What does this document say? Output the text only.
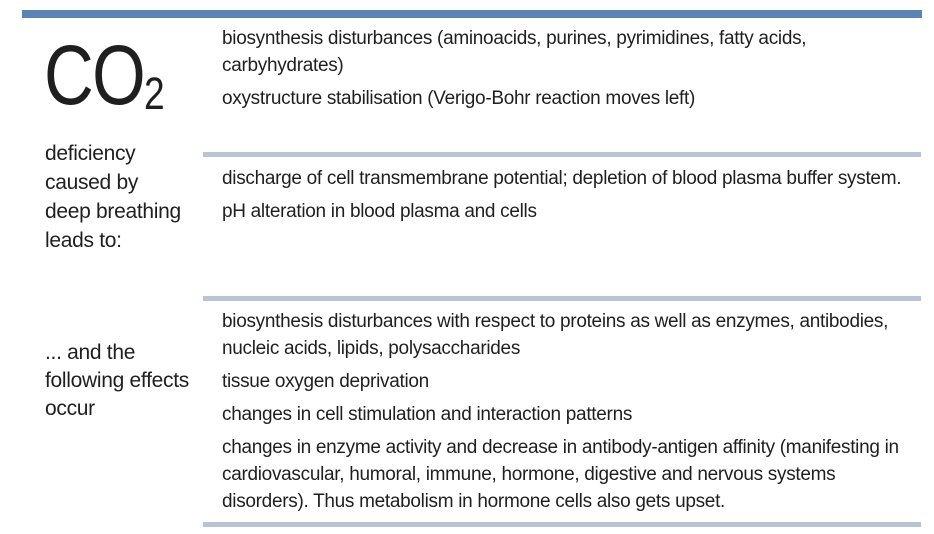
CO2
deficiency caused by deep breathing leads to:
... and the following effects occur

biosynthesis disturbances (aminoacids, purines, pyrimidines, fatty acids, carbyhydrates)

oxystructure stabilisation (Verigo-Bohr reaction moves left)

discharge of cell transmembrane potential; depletion of blood plasma buffer system.

pH alteration in blood plasma and cells

biosynthesis disturbances with respect to proteins as well as enzymes, antibodies, nucleic acids, lipids, polysaccharides

tissue oxygen deprivation

changes in cell stimulation and interaction patterns

changes in enzyme activity and decrease in antibody-antigen affinity (manifesting in cardiovascular, humoral, immune, hormone, digestive and nervous systems disorders). Thus metabolism in hormone cells also gets upset.
